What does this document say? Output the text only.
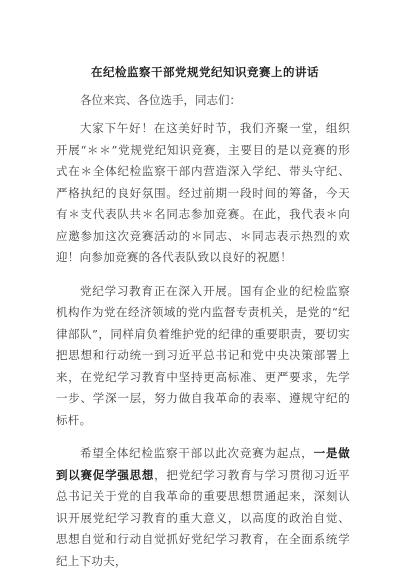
在纪检监察干部党规党纪知识竞赛上的讲话
各位来宾、各位选手，同志们：

大家下午好！在这美好时节，我们齐聚一堂，组织开展“＊＊”党规党纪知识竞赛，主要目的是以竞赛的形式在＊全体纪检监察干部内营造深入学纪、带头守纪、严格执纪的良好氛围。经过前期一段时间的筹备，今天有＊支代表队共＊名同志参加竞赛。在此，我代表＊向应邀参加这次竞赛活动的＊同志、＊同志表示热烈的欢迎！向参加竞赛的各代表队致以良好的祝愿！

党纪学习教育正在深入开展。国有企业的纪检监察机构作为党在经济领域的党内监督专责机关，是党的“纪律部队”，同样肩负着维护党的纪律的重要职责，要切实把思想和行动统一到习近平总书记和党中央决策部署上来，在党纪学习教育中坚持更高标准、更严要求，先学一步、学深一层，努力做自我革命的表率、遵规守纪的标杆。

希望全体纪检监察干部以此次竞赛为起点，一是做到以赛促学强思想，把党纪学习教育与学习贯彻习近平总书记关于党的自我革命的重要思想贯通起来，深刻认识开展党纪学习教育的重大意义，以高度的政治自觉、思想自觉和行动自觉抓好党纪学习教育，在全面系统学纪上下功夫，
